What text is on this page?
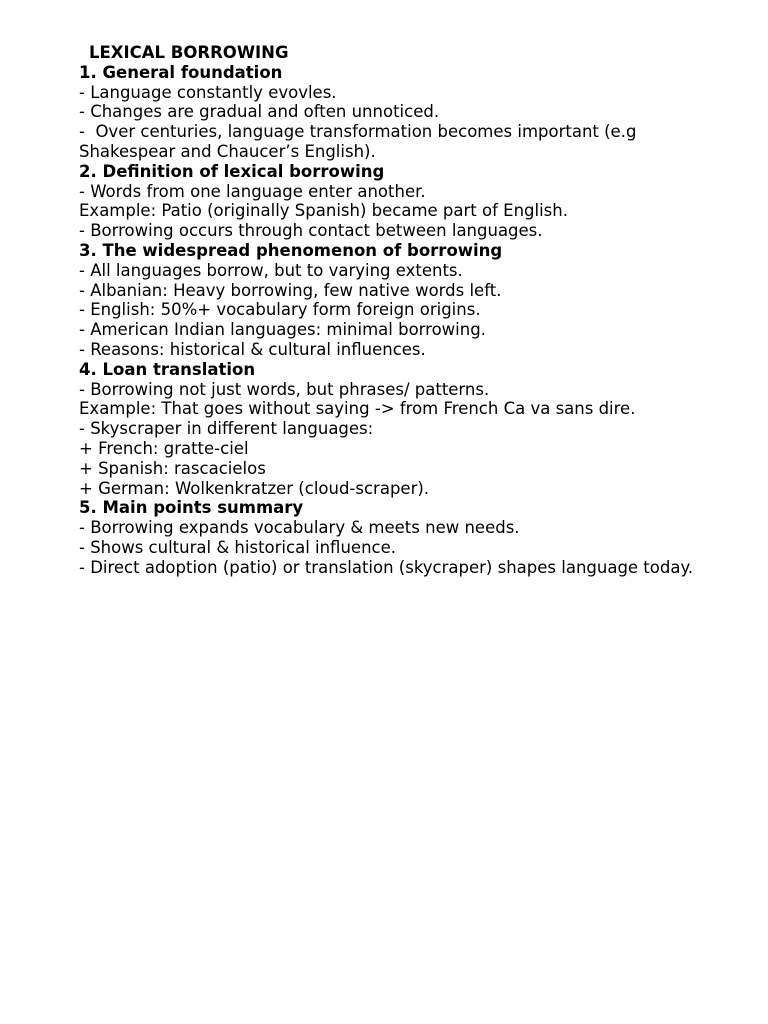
LEXICAL BORROWING
1. General foundation
- Language constantly evovles.
- Changes are gradual and often unnoticed.
-  Over centuries, language transformation becomes important (e.g Shakespear and Chaucer’s English).
2. Definition of lexical borrowing
- Words from one language enter another.
Example: Patio (originally Spanish) became part of English.
- Borrowing occurs through contact between languages.
3. The widespread phenomenon of borrowing
- All languages borrow, but to varying extents.
- Albanian: Heavy borrowing, few native words left.
- English: 50%+ vocabulary form foreign origins.
- American Indian languages: minimal borrowing.
- Reasons: historical & cultural influences.
4. Loan translation
- Borrowing not just words, but phrases/ patterns.
Example: That goes without saying -> from French Ca va sans dire.
- Skyscraper in different languages:
+ French: gratte-ciel
+ Spanish: rascacielos
+ German: Wolkenkratzer (cloud-scraper).
5. Main points summary
- Borrowing expands vocabulary & meets new needs.
- Shows cultural & historical influence.
- Direct adoption (patio) or translation (skycraper) shapes language today.
